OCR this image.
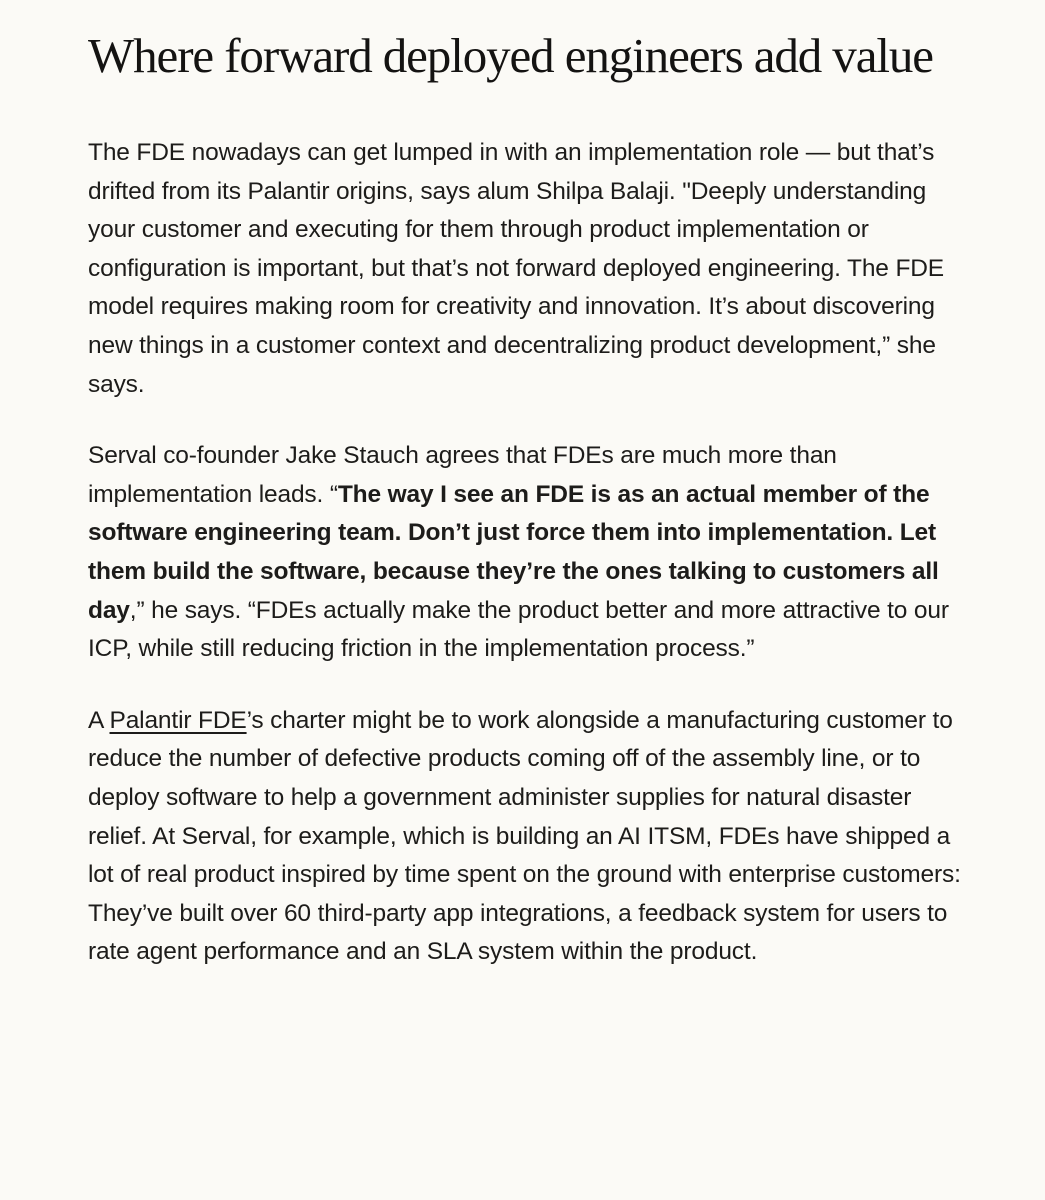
Where forward deployed engineers add value

The FDE nowadays can get lumped in with an implementation role — but that’s drifted from its Palantir origins, says alum Shilpa Balaji. "Deeply understanding your customer and executing for them through product implementation or configuration is important, but that’s not forward deployed engineering. The FDE model requires making room for creativity and innovation. It’s about discovering new things in a customer context and decentralizing product development,” she says.

Serval co-founder Jake Stauch agrees that FDEs are much more than implementation leads. “The way I see an FDE is as an actual member of the software engineering team. Don’t just force them into implementation. Let them build the software, because they’re the ones talking to customers all day,” he says. “FDEs actually make the product better and more attractive to our ICP, while still reducing friction in the implementation process.”

A Palantir FDE’s charter might be to work alongside a manufacturing customer to reduce the number of defective products coming off of the assembly line, or to deploy software to help a government administer supplies for natural disaster relief. At Serval, for example, which is building an AI ITSM, FDEs have shipped a lot of real product inspired by time spent on the ground with enterprise customers: They’ve built over 60 third-party app integrations, a feedback system for users to rate agent performance and an SLA system within the product.
